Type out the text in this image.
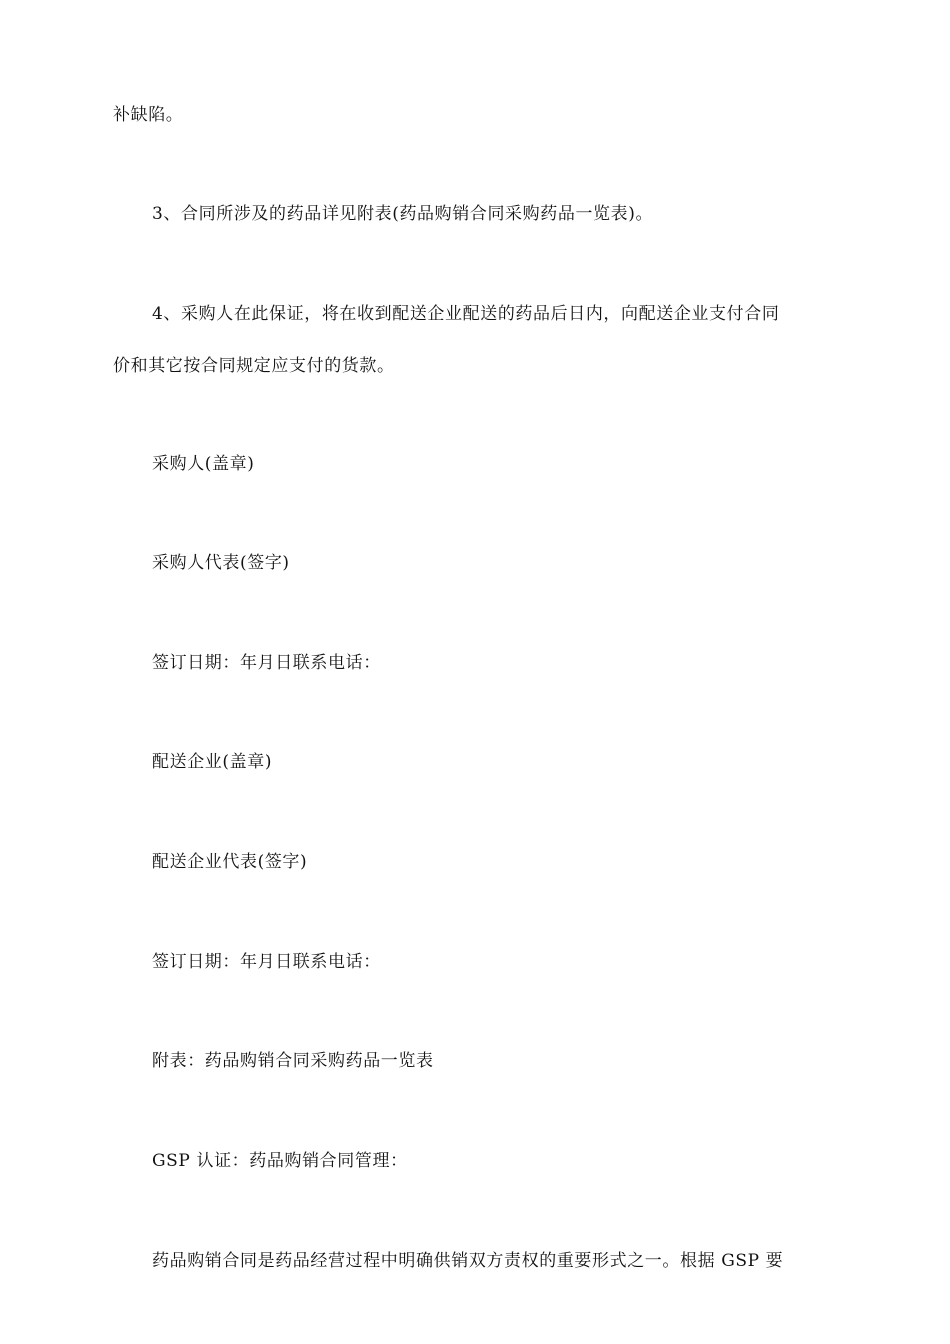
补缺陷。
3、合同所涉及的药品详见附表(药品购销合同采购药品一览表)。
4、采购人在此保证，将在收到配送企业配送的药品后日内，向配送企业支付合同
价和其它按合同规定应支付的货款。
采购人(盖章)
采购人代表(签字)
签订日期：年月日联系电话：
配送企业(盖章)
配送企业代表(签字)
签订日期：年月日联系电话：
附表：药品购销合同采购药品一览表
GSP 认证：药品购销合同管理：
药品购销合同是药品经营过程中明确供销双方责权的重要形式之一。根据 GSP 要
